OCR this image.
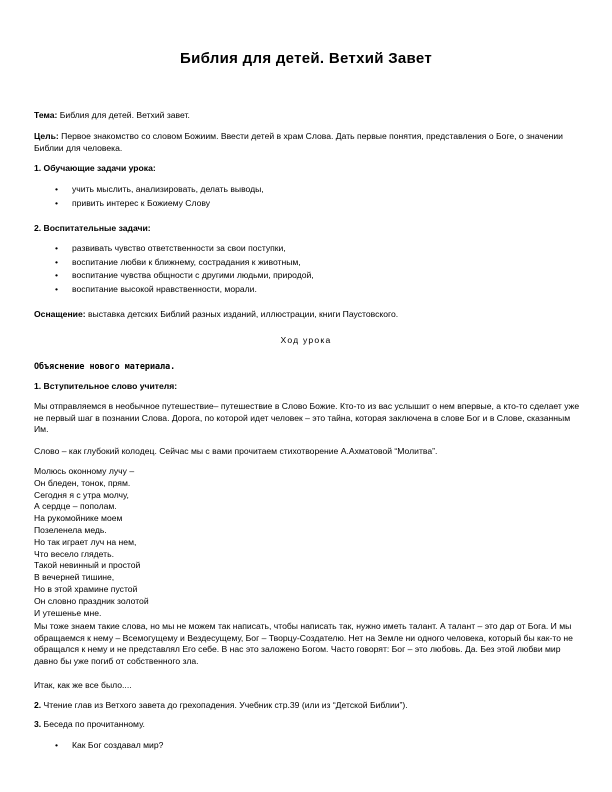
Библия для детей. Ветхий Завет

Тема: Библия для детей. Ветхий завет.

Цель: Первое знакомство со словом Божиим. Ввести детей в храм Слова. Дать первые понятия, представления о Боге, о значении Библии для человека.

1. Обучающие задачи урока:

• учить мыслить, анализировать, делать выводы,
• привить интерес к Божиему Слову

2. Воспитательные задачи:

• развивать чувство ответственности за свои поступки,
• воспитание любви к ближнему, сострадания к животным,
• воспитание чувства общности с другими людьми, природой,
• воспитание высокой нравственности, морали.

Оснащение: выставка детских Библий разных изданий, иллюстрации, книги Паустовского.

Ход урока

Объяснение нового материала.

1. Вступительное слово учителя:

Мы отправляемся в необычное путешествие– путешествие в Слово Божие. Кто-то из вас услышит о нем впервые, а кто-то сделает уже не первый шаг в познании Слова. Дорога, по которой идет человек – это тайна, которая заключена в слове Бог и в Слове, сказанным Им.

Слово – как глубокий колодец. Сейчас мы с вами прочитаем стихотворение А.Ахматовой “Молитва”.

Молюсь оконному лучу –

Он бледен, тонок, прям.

Сегодня я с утра молчу,

А сердце – пополам.

На рукомойнике моем

Позеленела медь.

Но так играет луч на нем,

Что весело глядеть.

Такой невинный и простой

В вечерней тишине,

Но в этой храмине пустой

Он словно праздник золотой

И утешенье мне.

Мы тоже знаем такие слова, но мы не можем так написать, чтобы написать так, нужно иметь талант. А талант – это дар от Бога. И мы обращаемся к нему – Всемогущему и Вездесущему, Бог – Творцу-Создателю. Нет на Земле ни одного человека, который бы как-то не обращался к нему и не представлял Его себе. В нас это заложено Богом. Часто говорят: Бог – это любовь. Да. Без этой любви мир давно бы уже погиб от собственного зла.

Итак, как же все было....

2. Чтение глав из Ветхого завета до грехопадения. Учебник стр.39 (или из “Детской Библии”).

3. Беседа по прочитанному.

• Как Бог создавал мир?
